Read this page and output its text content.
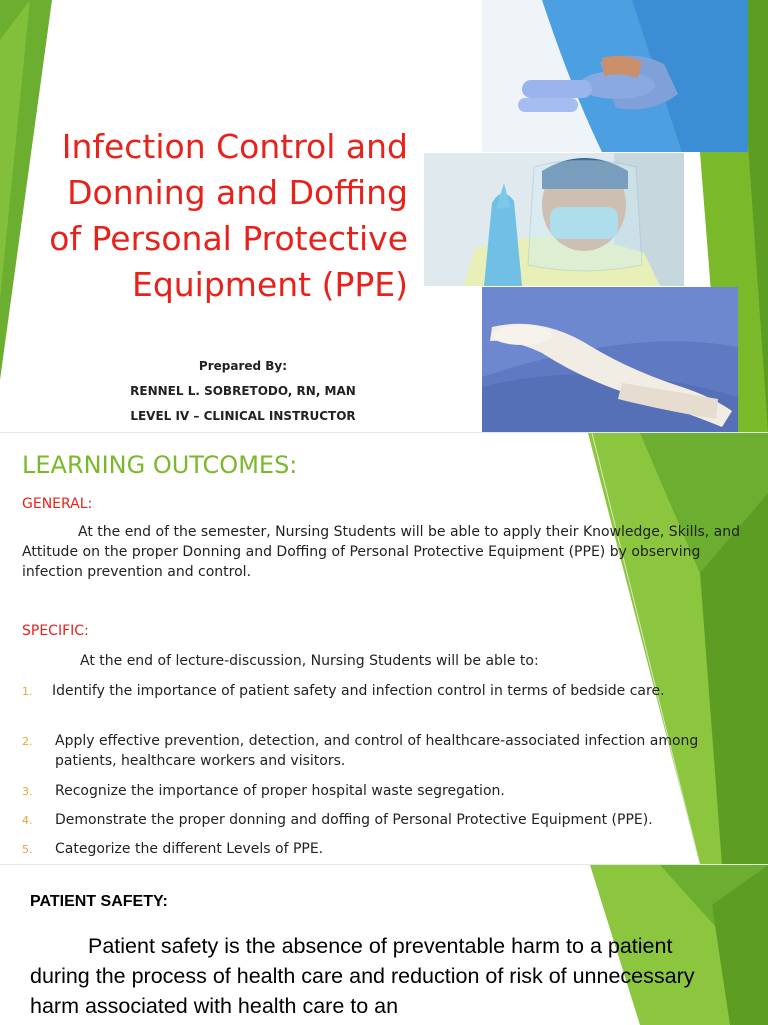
Infection Control and
Donning and Doffing
of Personal Protective
Equipment (PPE)
Prepared By:
RENNEL L. SOBRETODO, RN, MAN
LEVEL IV – CLINICAL INSTRUCTOR
LEARNING OUTCOMES:
GENERAL:
At the end of the semester, Nursing Students will be able to apply their Knowledge, Skills, and Attitude on the proper Donning and Doffing of Personal Protective Equipment (PPE) by observing infection prevention and control.
SPECIFIC:
At the end of lecture-discussion, Nursing Students will be able to:
1. Identify the importance of patient safety and infection control in terms of bedside care.
2. Apply effective prevention, detection, and control of healthcare-associated infection among patients, healthcare workers and visitors.
3. Recognize the importance of proper hospital waste segregation.
4. Demonstrate the proper donning and doffing of Personal Protective Equipment (PPE).
5. Categorize the different Levels of PPE.
PATIENT SAFETY:
Patient safety is the absence of preventable harm to a patient during the process of health care and reduction of risk of unnecessary harm associated with health care to an
